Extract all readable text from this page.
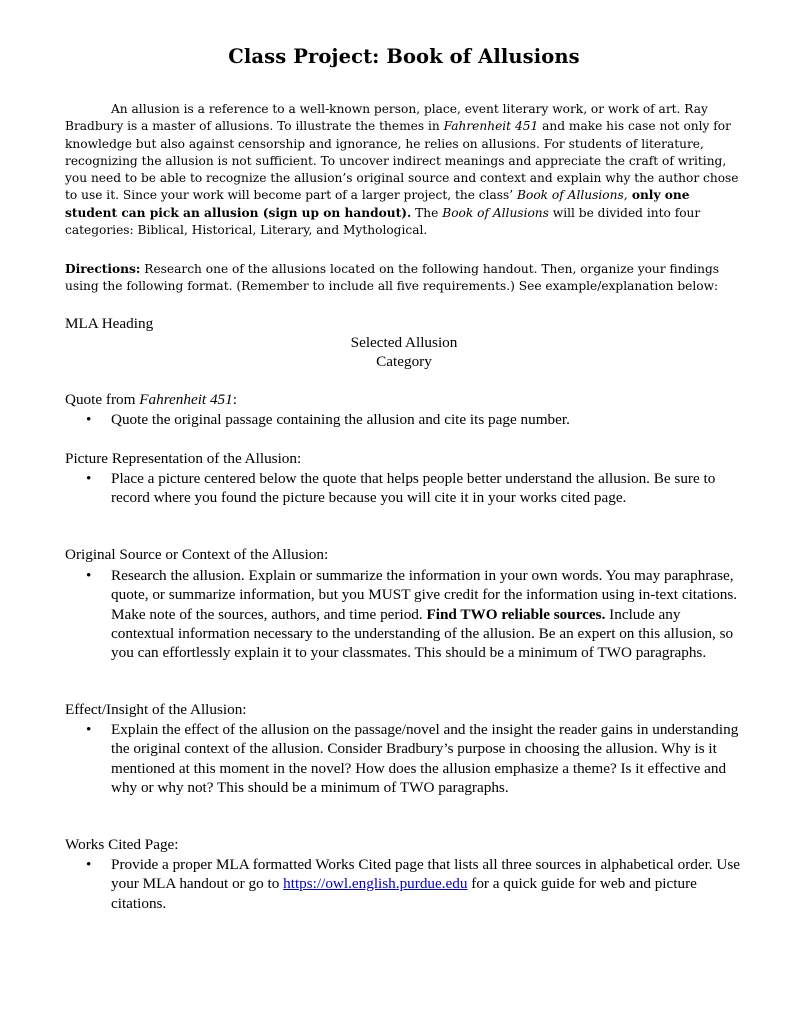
Class Project: Book of Allusions

An allusion is a reference to a well-known person, place, event literary work, or work of art. Ray Bradbury is a master of allusions. To illustrate the themes in Fahrenheit 451 and make his case not only for knowledge but also against censorship and ignorance, he relies on allusions. For students of literature, recognizing the allusion is not sufficient. To uncover indirect meanings and appreciate the craft of writing, you need to be able to recognize the allusion’s original source and context and explain why the author chose to use it. Since your work will become part of a larger project, the class’ Book of Allusions, only one student can pick an allusion (sign up on handout). The Book of Allusions will be divided into four categories: Biblical, Historical, Literary, and Mythological.

Directions: Research one of the allusions located on the following handout. Then, organize your findings using the following format. (Remember to include all five requirements.) See example/explanation below:

MLA Heading
Selected Allusion
Category
Quote from Fahrenheit 451:
• Quote the original passage containing the allusion and cite its page number.
Picture Representation of the Allusion:
• Place a picture centered below the quote that helps people better understand the allusion. Be sure to record where you found the picture because you will cite it in your works cited page.
Original Source or Context of the Allusion:
• Research the allusion. Explain or summarize the information in your own words. You may paraphrase, quote, or summarize information, but you MUST give credit for the information using in-text citations. Make note of the sources, authors, and time period. Find TWO reliable sources. Include any contextual information necessary to the understanding of the allusion. Be an expert on this allusion, so you can effortlessly explain it to your classmates. This should be a minimum of TWO paragraphs.
Effect/Insight of the Allusion:
• Explain the effect of the allusion on the passage/novel and the insight the reader gains in understanding the original context of the allusion. Consider Bradbury’s purpose in choosing the allusion. Why is it mentioned at this moment in the novel? How does the allusion emphasize a theme? Is it effective and why or why not? This should be a minimum of TWO paragraphs.
Works Cited Page:
• Provide a proper MLA formatted Works Cited page that lists all three sources in alphabetical order. Use your MLA handout or go to https://owl.english.purdue.edu for a quick guide for web and picture citations.
